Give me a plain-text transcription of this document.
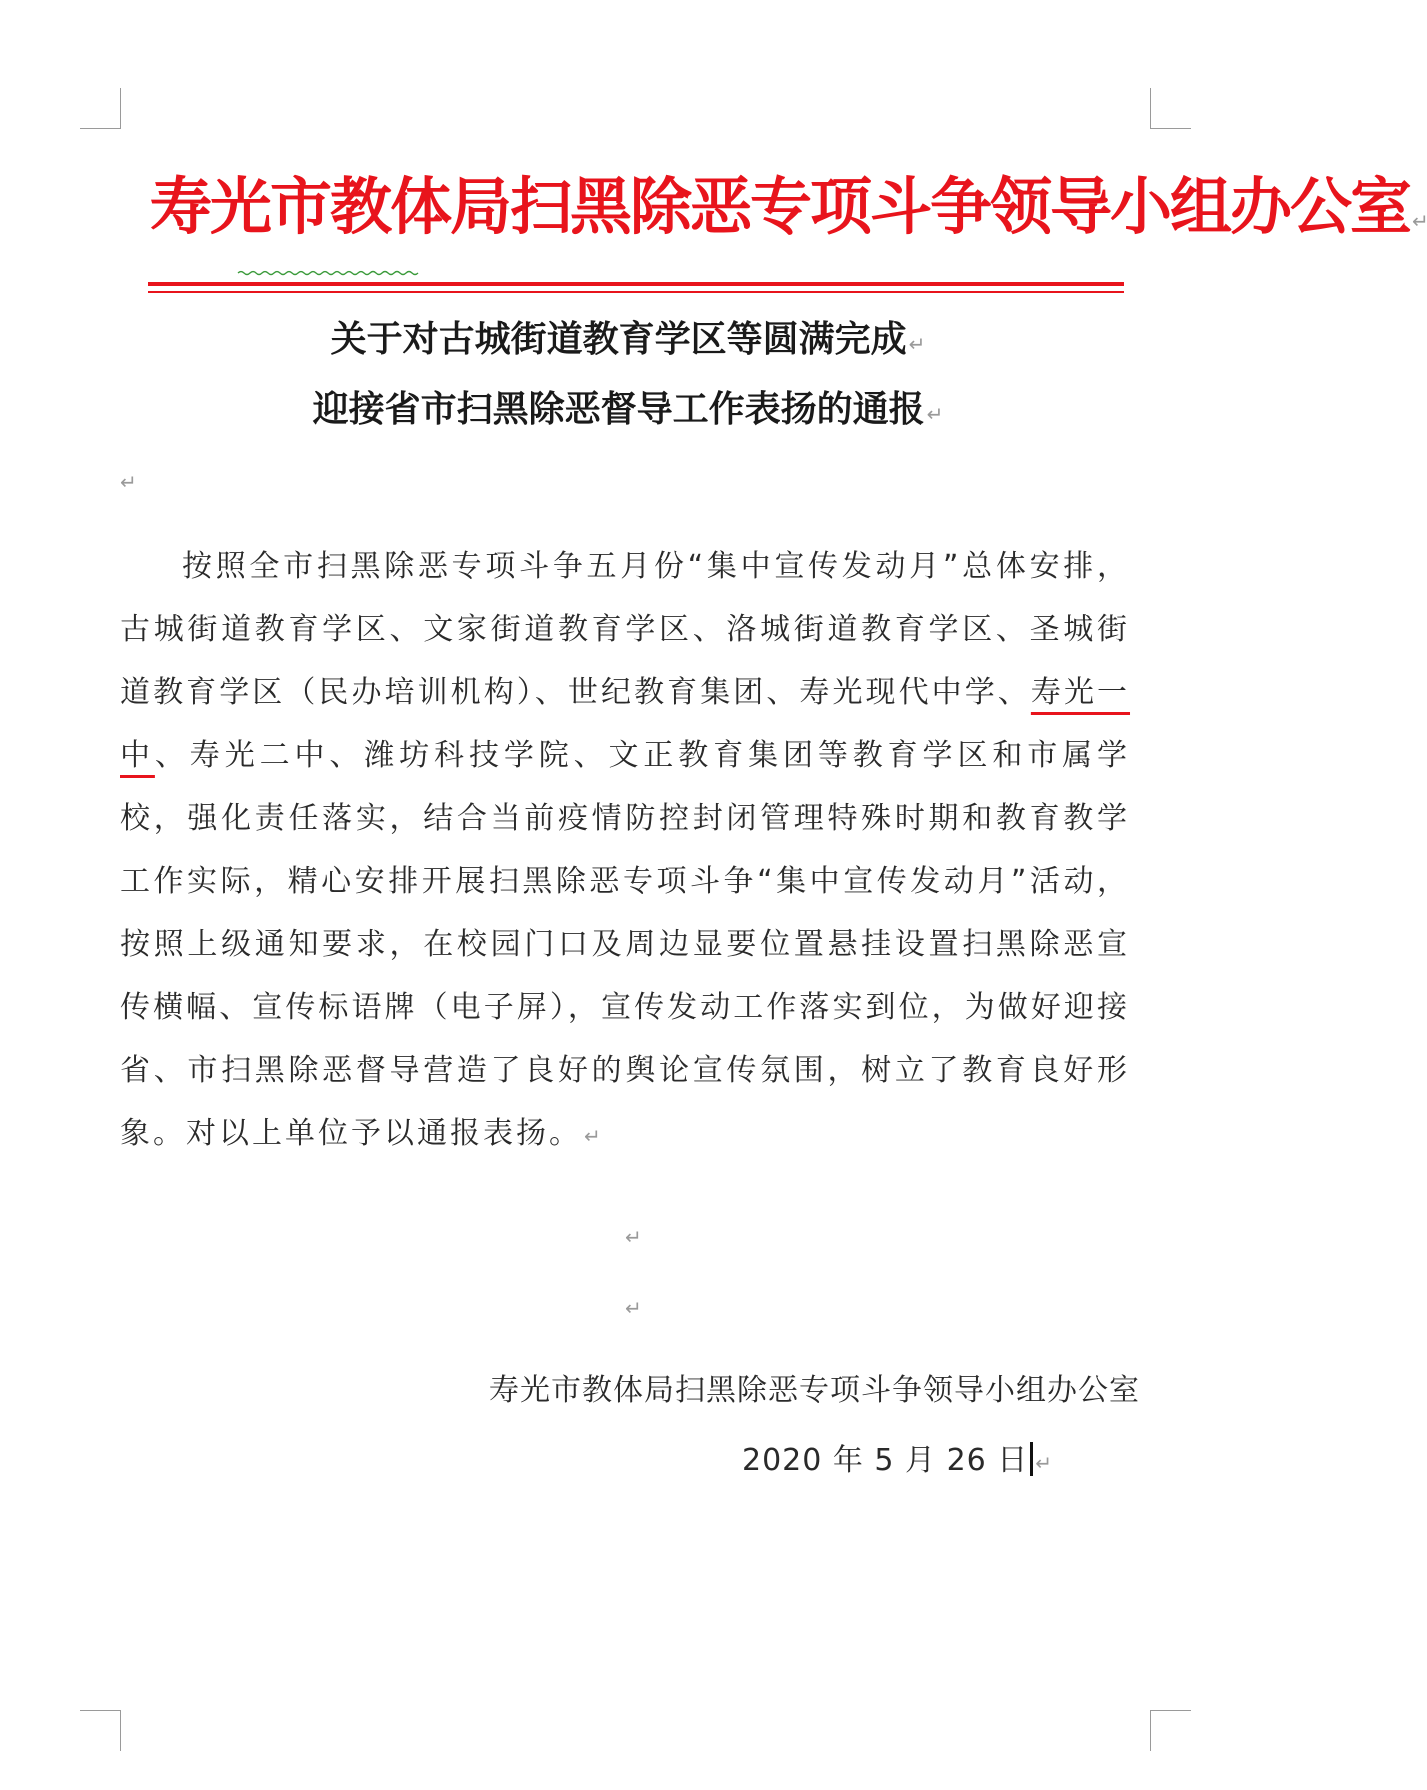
寿光市教体局扫黑除恶专项斗争领导小组办公室 ↵
关于对古城街道教育学区等圆满完成 ↵
迎接省市扫黑除恶督导工作表扬的通报 ↵
↵
按照全市扫黑除恶专项斗争五月份“集中宣传发动月”总体安排，古城街道教育学区、文家街道教育学区、洛城街道教育学区、圣城街道教育学区（民办培训机构）、世纪教育集团、寿光现代中学、寿光一中、寿光二中、潍坊科技学院、文正教育集团等教育学区和市属学校，强化责任落实，结合当前疫情防控封闭管理特殊时期和教育教学工作实际，精心安排开展扫黑除恶专项斗争“集中宣传发动月”活动，按照上级通知要求，在校园门口及周边显要位置悬挂设置扫黑除恶宣传横幅、宣传标语牌（电子屏），宣传发动工作落实到位，为做好迎接省、市扫黑除恶督导营造了良好的舆论宣传氛围，树立了教育良好形象。对以上单位予以通报表扬。 ↵
↵
↵
寿光市教体局扫黑除恶专项斗争领导小组办公室
2020 年 5 月 26 日 ↵
